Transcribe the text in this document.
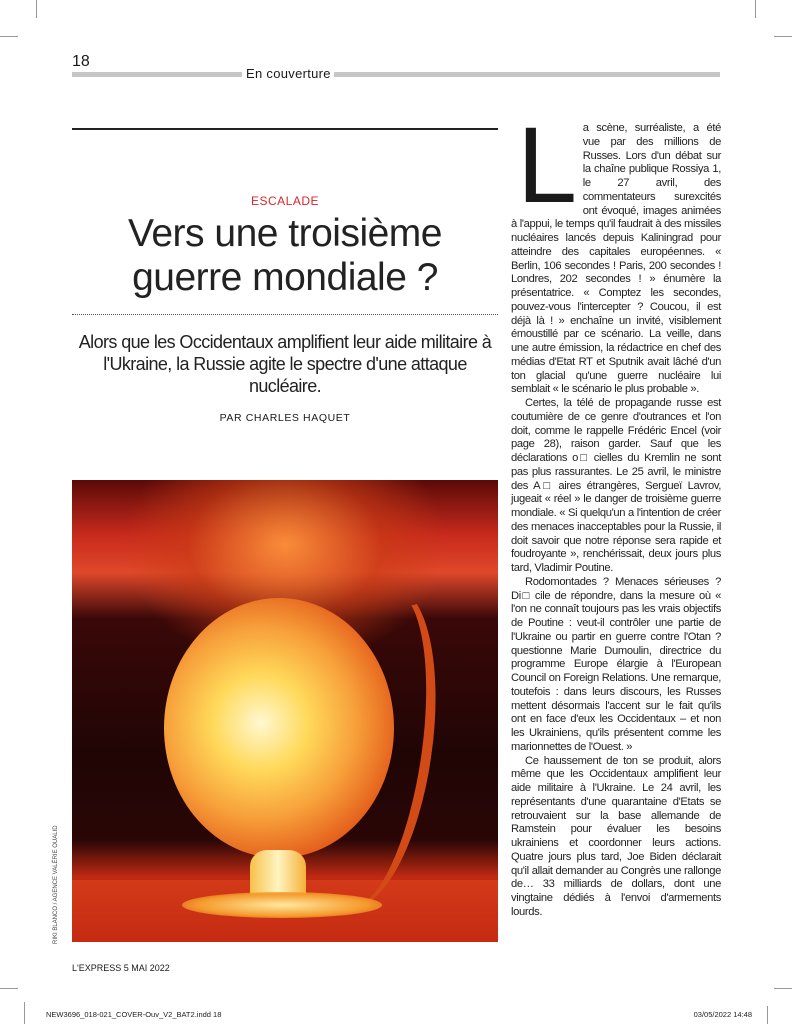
18
En couverture
ESCALADE
Vers une troisième guerre mondiale ?
Alors que les Occidentaux amplifient leur aide militaire à l'Ukraine, la Russie agite le spectre d'une attaque nucléaire.
PAR CHARLES HAQUET
RIKI BLANCO / AGENCE VALÉRIE OUALID

La scène, surréaliste, a été vue par des millions de Russes. Lors d'un débat sur la chaîne publique Rossiya 1, le 27 avril, des commentateurs surexcités ont évoqué, images animées à l'appui, le temps qu'il faudrait à des missiles nucléaires lancés depuis Kaliningrad pour atteindre des capitales européennes. « Berlin, 106 secondes ! Paris, 200 secondes ! Londres, 202 secondes ! » énumère la présentatrice. « Comptez les secondes, pouvez-vous l'intercepter ? Coucou, il est déjà là ! » enchaîne un invité, visiblement émoustillé par ce scénario. La veille, dans une autre émission, la rédactrice en chef des médias d'Etat RT et Sputnik avait lâché d'un ton glacial qu'une guerre nucléaire lui semblait « le scénario le plus probable ».

Certes, la télé de propagande russe est coutumière de ce genre d'outrances et l'on doit, comme le rappelle Frédéric Encel (voir page 28), raison garder. Sauf que les déclarations o□ cielles du Kremlin ne sont pas plus rassurantes. Le 25 avril, le ministre des A□ aires étrangères, Sergueï Lavrov, jugeait « réel » le danger de troisième guerre mondiale. « Si quelqu'un a l'intention de créer des menaces inacceptables pour la Russie, il doit savoir que notre réponse sera rapide et foudroyante », renchérissait, deux jours plus tard, Vladimir Poutine.

Rodomontades ? Menaces sérieuses ? Di□ cile de répondre, dans la mesure où « l'on ne connaît toujours pas les vrais objectifs de Poutine : veut-il contrôler une partie de l'Ukraine ou partir en guerre contre l'Otan ? questionne Marie Dumoulin, directrice du programme Europe élargie à l'European Council on Foreign Relations. Une remarque, toutefois : dans leurs discours, les Russes mettent désormais l'accent sur le fait qu'ils ont en face d'eux les Occidentaux – et non les Ukrainiens, qu'ils présentent comme les marionnettes de l'Ouest. »

Ce haussement de ton se produit, alors même que les Occidentaux amplifient leur aide militaire à l'Ukraine. Le 24 avril, les représentants d'une quarantaine d'Etats se retrouvaient sur la base allemande de Ramstein pour évaluer les besoins ukrainiens et coordonner leurs actions. Quatre jours plus tard, Joe Biden déclarait qu'il allait demander au Congrès une rallonge de… 33 milliards de dollars, dont une vingtaine dédiés à l'envoi d'armements lourds.

L'EXPRESS 5 MAI 2022
NEW3696_018-021_COVER-Ouv_V2_BAT2.indd 18	03/05/2022 14:48
